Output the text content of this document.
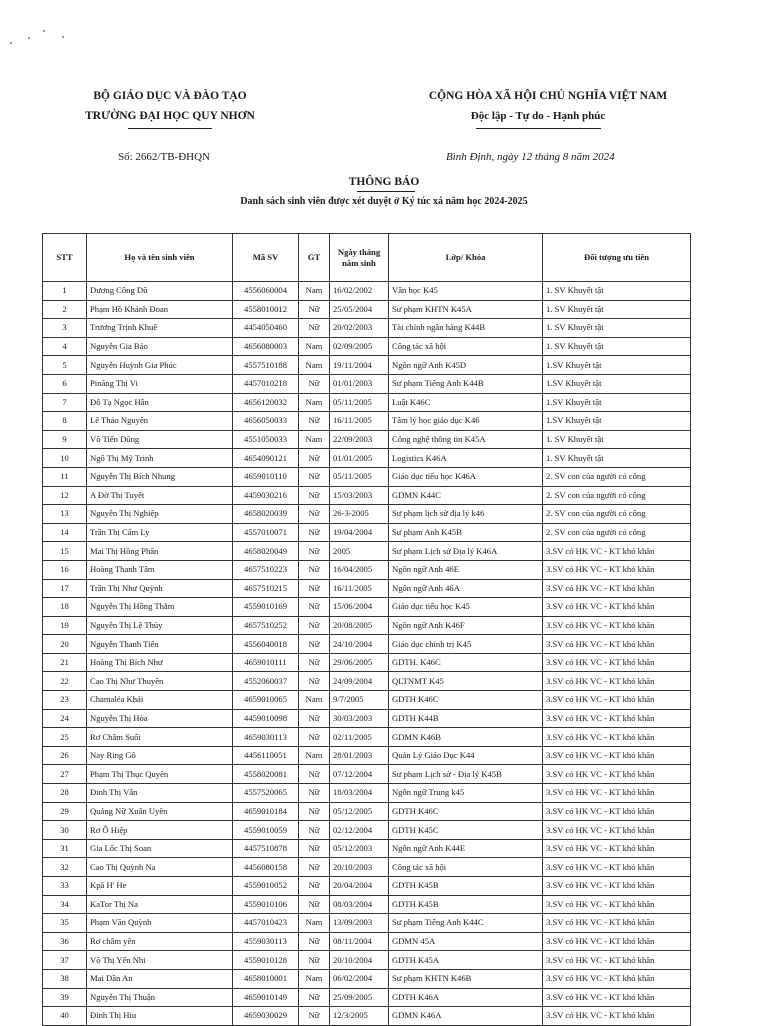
BỘ GIÁO DỤC VÀ ĐÀO TẠO
TRƯỜNG ĐẠI HỌC QUY NHƠN
CỘNG HÒA XÃ HỘI CHỦ NGHĨA VIỆT NAM
Độc lập - Tự do - Hạnh phúc
Số: 2662/TB-ĐHQN	Bình Định, ngày 12 tháng 8 năm 2024
THÔNG BÁO
Danh sách sinh viên được xét duyệt ở Ký túc xá năm học 2024-2025
STT	Họ và tên sinh viên	Mã SV	GT	Ngày tháng năm sinh	Lớp/ Khóa	Đối tượng ưu tiên
1	Dương Công Dũ	4556060004	Nam	16/02/2002	Văn học K45	1. SV Khuyết tật
2	Phạm Hồ Khánh Đoan	4558010012	Nữ	25/05/2004	Sư phạm KHTN K45A	1. SV Khuyết tật
3	Trương Trịnh Khuê	4454050460	Nữ	20/02/2003	Tài chính ngân hàng K44B	1. SV Khuyết tật
4	Nguyễn Gia Bảo	4656080003	Nam	02/09/2005	Công tác xã hội	1. SV Khuyết tật
5	Nguyễn Huỳnh Gia Phúc	4557510188	Nam	19/11/2004	Ngôn ngữ Anh K45D	1.SV Khuyết tật
6	Pinăng Thị Vi	4457010218	Nữ	01/01/2003	Sư phạm Tiếng Anh K44B	1.SV Khuyết tật
7	Đỗ Tạ Ngọc Hân	4656120032	Nam	05/11/2005	Luật K46C	1.SV Khuyết tật
8	Lê Thảo Nguyên	4656050033	Nữ	16/11/2005	Tâm lý học giáo dục K46	1.SV Khuyết tật
9	Võ Tiến Dũng	4551050033	Nam	22/09/2003	Công nghệ thông tin K45A	1. SV Khuyết tật
10	Ngô Thị Mỹ Trinh	4654090121	Nữ	01/01/2005	Logistics K46A	1. SV Khuyết tật
11	Nguyễn Thị Bích Nhung	4659010110	Nữ	05/11/2005	Giáo dục tiểu học K46A	2. SV con của người có công
12	A Đờ Thị Tuyết	4459030216	Nữ	15/03/2003	GDMN K44C	2. SV con của người có công
13	Nguyễn Thị Nghiệp	4658020039	Nữ	26-3-2005	Sư phạm lịch sử địa lý k46	2. SV con của người có công
14	Trần Thị Cẩm Ly	4557010071	Nữ	19/04/2004	Sư phạm Anh K45B	2. SV con của người có công
15	Mai Thị Hồng Phấn	4658020049	Nữ	2005	Sư phạm Lịch sử Địa lý K46A	3.SV có HK VC - KT khó khăn
16	Hoàng Thanh Tâm	4657510223	Nữ	16/04/2005	Ngôn ngữ Anh 46E	3.SV có HK VC - KT khó khăn
17	Trần Thị Như Quỳnh	4657510215	Nữ	16/11/2005	Ngôn ngữ Anh 46A	3.SV có HK VC - KT khó khăn
18	Nguyễn Thị Hồng Thắm	4559010169	Nữ	15/06/2004	Giáo dục tiểu học K45	3.SV có HK VC - KT khó khăn
19	Nguyễn Thị Lệ Thủy	4657510252	Nữ	20/08/2005	Ngôn ngữ Anh K46F	3.SV có HK VC - KT khó khăn
20	Nguyễn Thanh Tiến	4556040018	Nữ	24/10/2004	Giáo dục chính trị K45	3.SV có HK VC - KT khó khăn
21	Hoàng Thị Bích Như	4659010111	Nữ	29/06/2005	GDTH. K46C	3.SV có HK VC - KT khó khăn
22	Cao Thị Như Thuyên	4552060037	Nữ	24/09/2004	QLTNMT K45	3.SV có HK VC - KT khó khăn
23	Chamaléa Khải	4659010065	Nam	9/7/2005	GDTH K46C	3.SV có HK VC - KT khó khăn
24	Nguyễn Thị Hòa	4459010098	Nữ	30/03/2003	GDTH K44B	3.SV có HK VC - KT khó khăn
25	Rơ Châm Suối	4659030113	Nữ	02/11/2005	GDMN K46B	3.SV có HK VC - KT khó khăn
26	Nay Ring Gô	4456110051	Nam	28/01/2003	Quản Lý Giáo Dục K44	3.SV có HK VC - KT khó khăn
27	Phạm Thị Thục Quyên	4558020081	Nữ	07/12/2004	Sư phạm Lịch sử - Địa lý K45B	3.SV có HK VC - KT khó khăn
28	Đinh Thị Vân	4557520065	Nữ	18/03/2004	Ngôn ngữ Trung k45	3.SV có HK VC - KT khó khăn
29	Quảng Nữ Xuân Uyên	4659010184	Nữ	05/12/2005	GDTH K46C	3.SV có HK VC - KT khó khăn
30	Rơ Ô Hiệp	4559010059	Nữ	02/12/2004	GDTH K45C	3.SV có HK VC - KT khó khăn
31	Gia Lốc Thị Soan	4457510878	Nữ	05/12/2003	Ngôn ngữ Anh K44E	3.SV có HK VC - KT khó khăn
32	Cao Thị Quỳnh Na	4456080158	Nữ	20/10/2003	Công tác xã hội	3.SV có HK VC - KT khó khăn
33	Kpă H' He	4559010052	Nữ	20/04/2004	GDTH K45B	3.SV có HK VC - KT khó khăn
34	KaTor Thị Na	4559010106	Nữ	08/03/2004	GDTH K45B	3.SV có HK VC - KT khó khăn
35	Phạm Văn Quỳnh	4457010423	Nam	13/09/2003	Sư phạm Tiếng Anh K44C	3.SV có HK VC - KT khó khăn
36	Rơ châm yên	4559030113	Nữ	08/11/2004	GDMN 45A	3.SV có HK VC - KT khó khăn
37	Võ Thị Yến Nhi	4559010128	Nữ	20/10/2004	GDTH K45A	3.SV có HK VC - KT khó khăn
38	Mai Dần An	4658010001	Nam	06/02/2004	Sư phạm KHTN K46B	3.SV có HK VC - KT khó khăn
39	Nguyễn Thị Thuận	4659010149	Nữ	25/09/2005	GDTH K46A	3.SV có HK VC - KT khó khăn
40	Đinh Thị Hiu	4659030029	Nữ	12/3/2005	GDMN K46A	3.SV có HK VC - KT khó khăn
